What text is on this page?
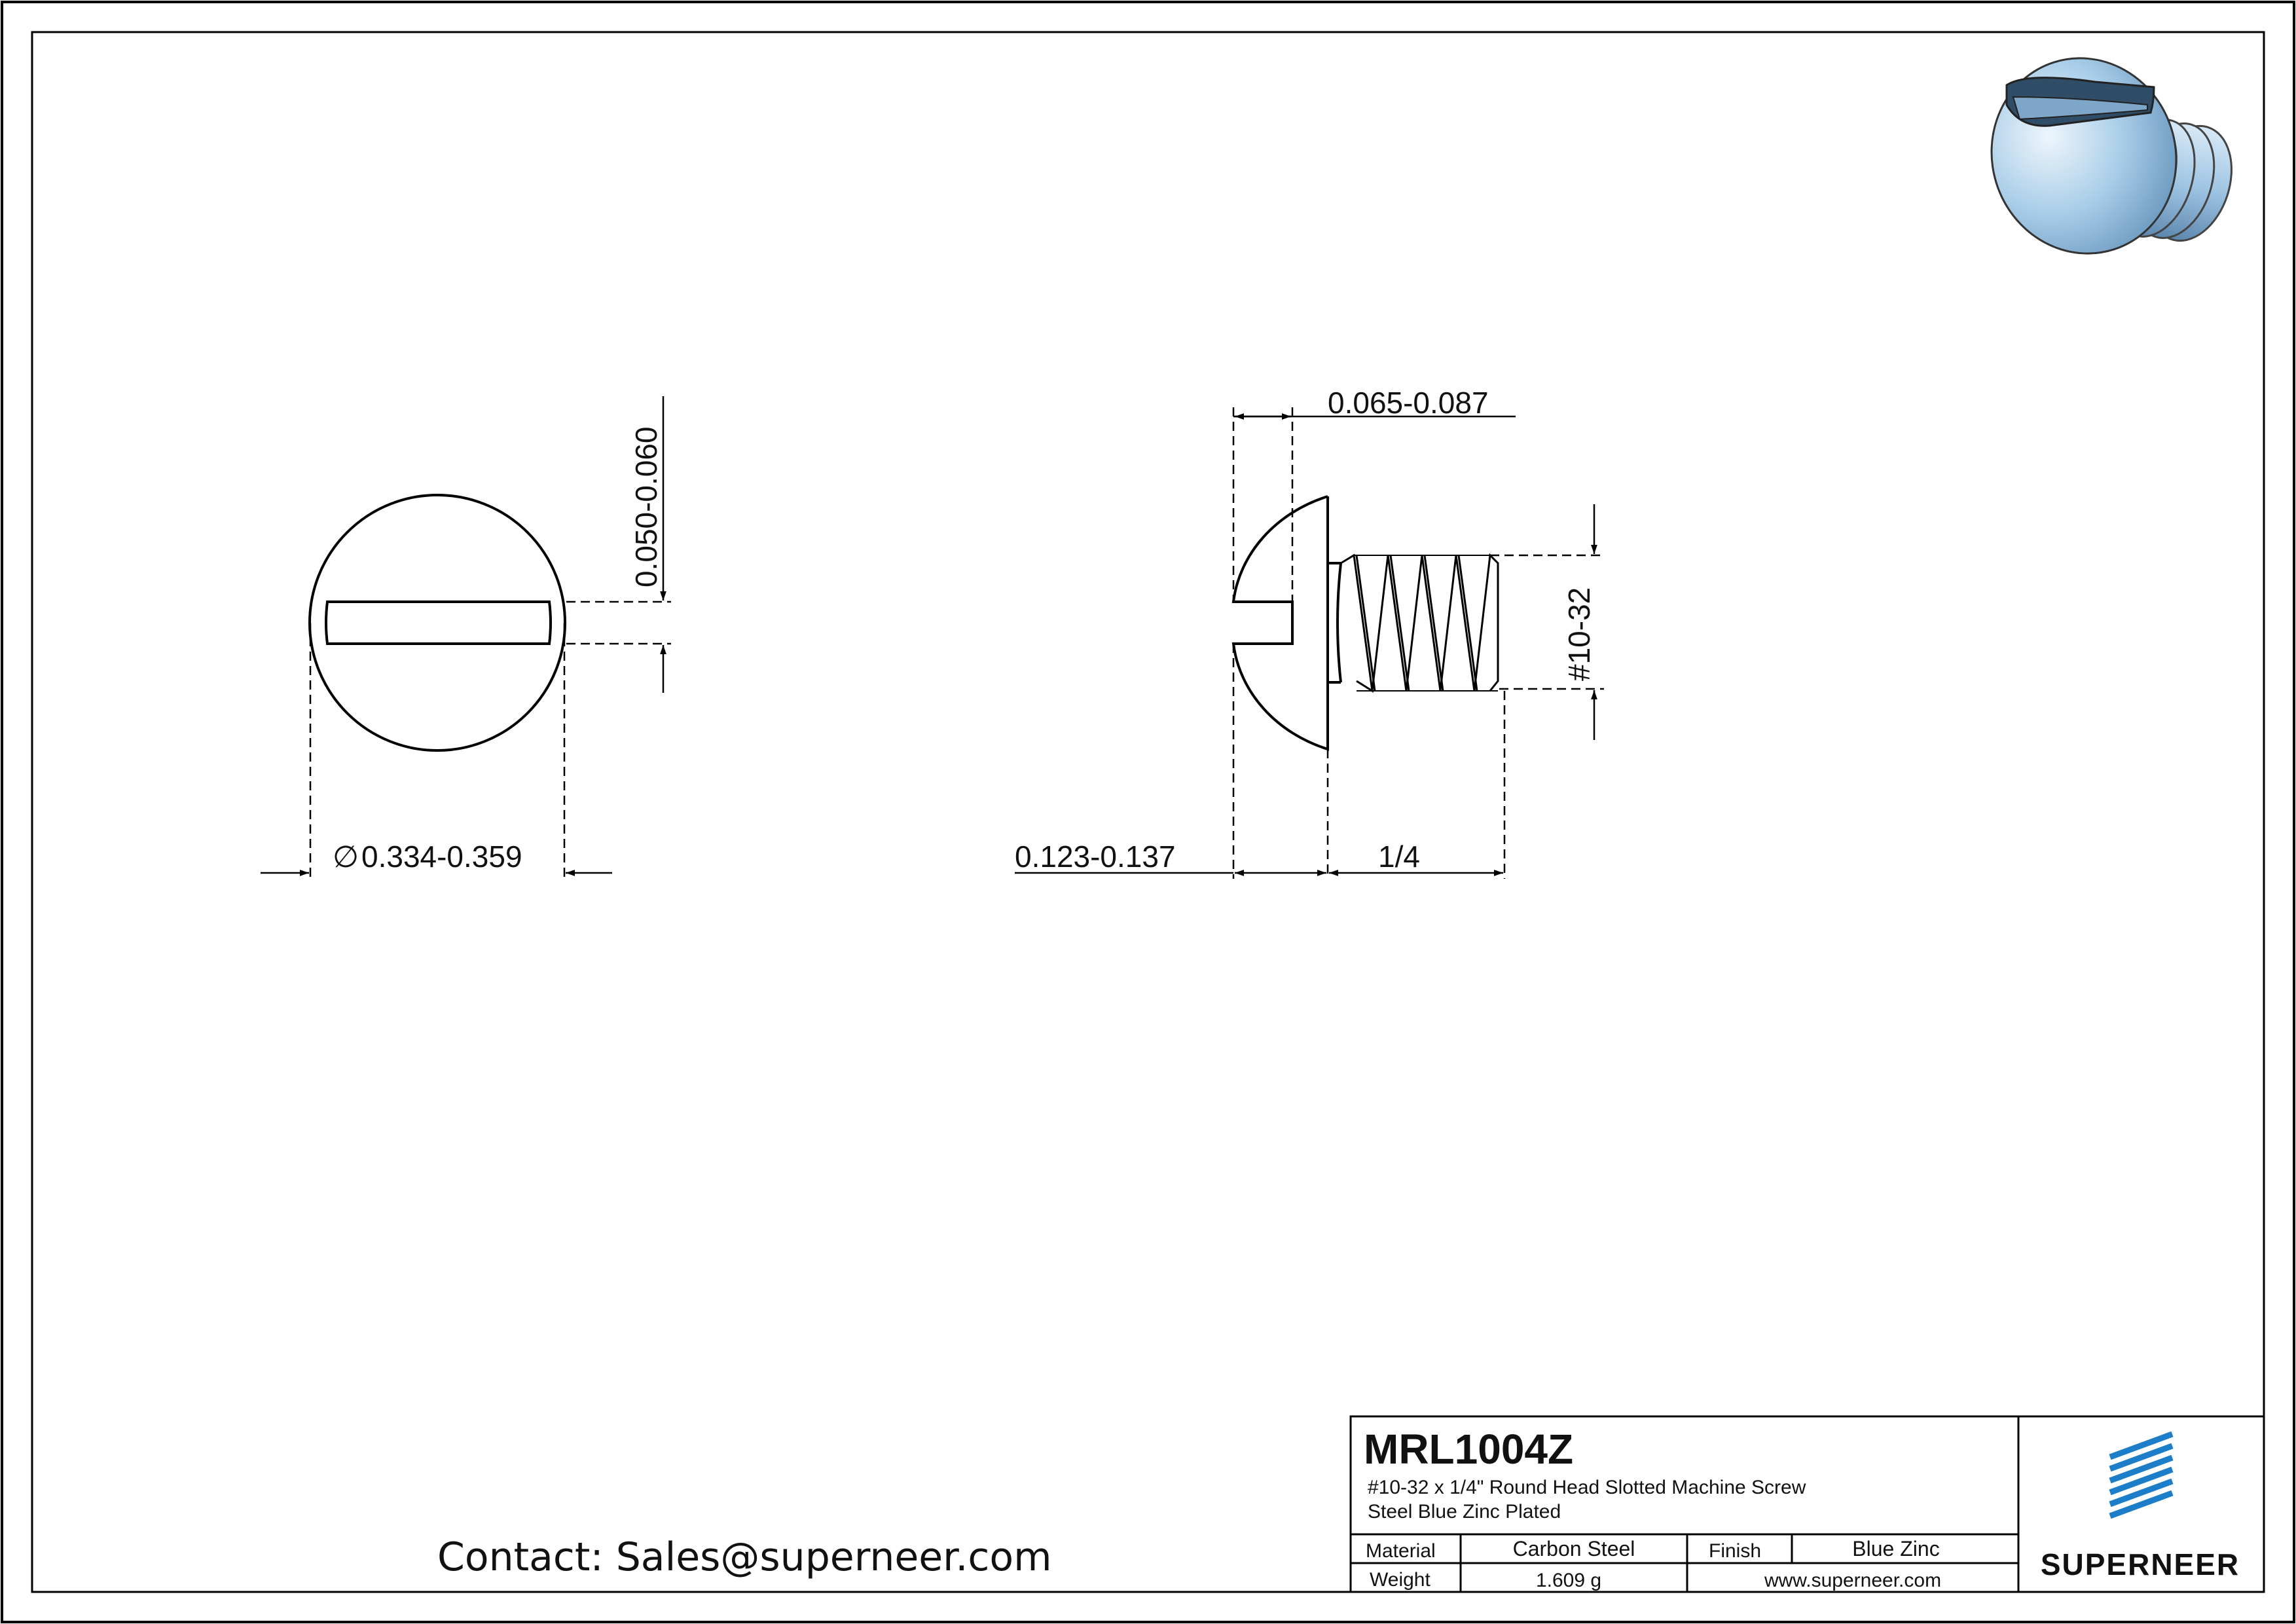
0.050-0.060
∅ 0.334-0.359
0.065-0.087
0.123-0.137	1/4
#10-32
Contact: Sales@superneer.com
MRL1004Z
#10-32 x 1/4" Round Head Slotted Machine Screw
Steel Blue Zinc Plated
Material	Carbon Steel	Finish	Blue Zinc
Weight	1.609 g	www.superneer.com	SUPERNEER
